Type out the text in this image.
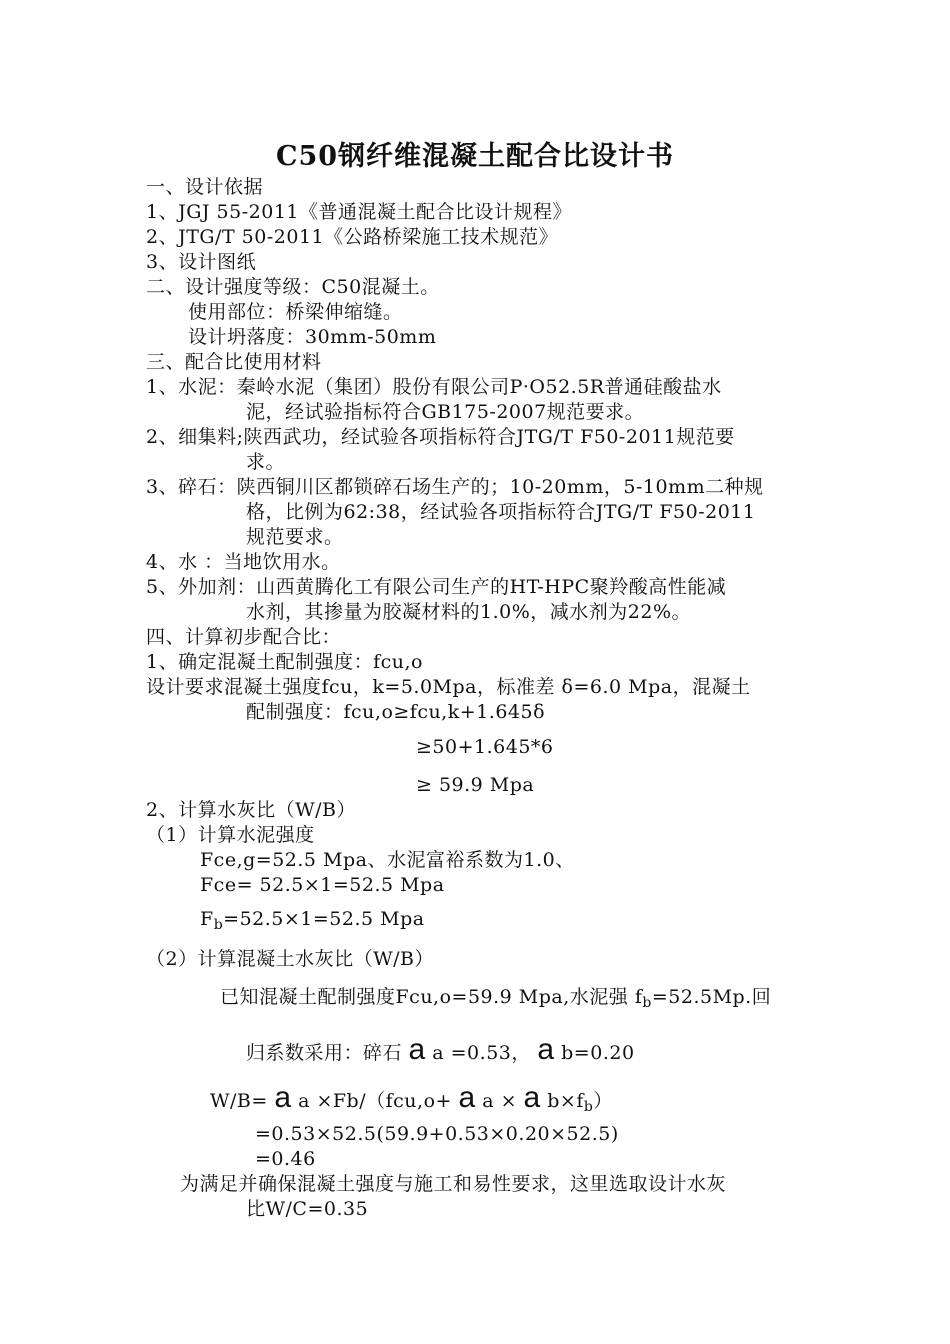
C50钢纤维混凝土配合比设计书
一、设计依据
1、JGJ 55-2011《普通混凝土配合比设计规程》
2、JTG/T 50-2011《公路桥梁施工技术规范》
3、设计图纸
二、设计强度等级：C50混凝土。
使用部位：桥梁伸缩缝。
设计坍落度：30mm-50mm
三、配合比使用材料
1、水泥：秦岭水泥（集团）股份有限公司P·O52.5R普通硅酸盐水
泥，经试验指标符合GB175-2007规范要求。
2、细集料;陕西武功，经试验各项指标符合JTG/T F50-2011规范要
求。
3、碎石：陕西铜川区都锁碎石场生产的；10-20mm，5-10mm二种规
格，比例为62:38，经试验各项指标符合JTG/T F50-2011
规范要求。
4、水 ：当地饮用水。
5、外加剂：山西黄腾化工有限公司生产的HT-HPC聚羚酸高性能减
水剂，其掺量为胶凝材料的1.0%，减水剂为22%。
四、计算初步配合比：
1、确定混凝土配制强度：fcu,o
设计要求混凝土强度fcu，k=5.0Mpa，标准差 δ=6.0 Mpa，混凝土
配制强度：fcu,o≥fcu,k+1.645δ
≥50+1.645*6
≥ 59.9 Mpa
2、计算水灰比（W/B）
（1）计算水泥强度
Fce,g=52.5 Mpa、水泥富裕系数为1.0、
Fce= 52.5×1=52.5 Mpa
$F_b=52.5\times 1=52.5$ Mpa
（2）计算混凝土水灰比（W/B）
已知混凝土配制强度Fcu,o=59.9 Mpa,水泥强 $f_b=52.5Mp$.回
归系数采用：碎石 a a =0.53， a b=0.20
W/B= a a ×Fb/（fcu,o+ a a × a $b\times f_b$）
=0.53×52.5(59.9+0.53×0.20×52.5)
=0.46
为满足并确保混凝土强度与施工和易性要求，这里选取设计水灰
比W/C=0.35
